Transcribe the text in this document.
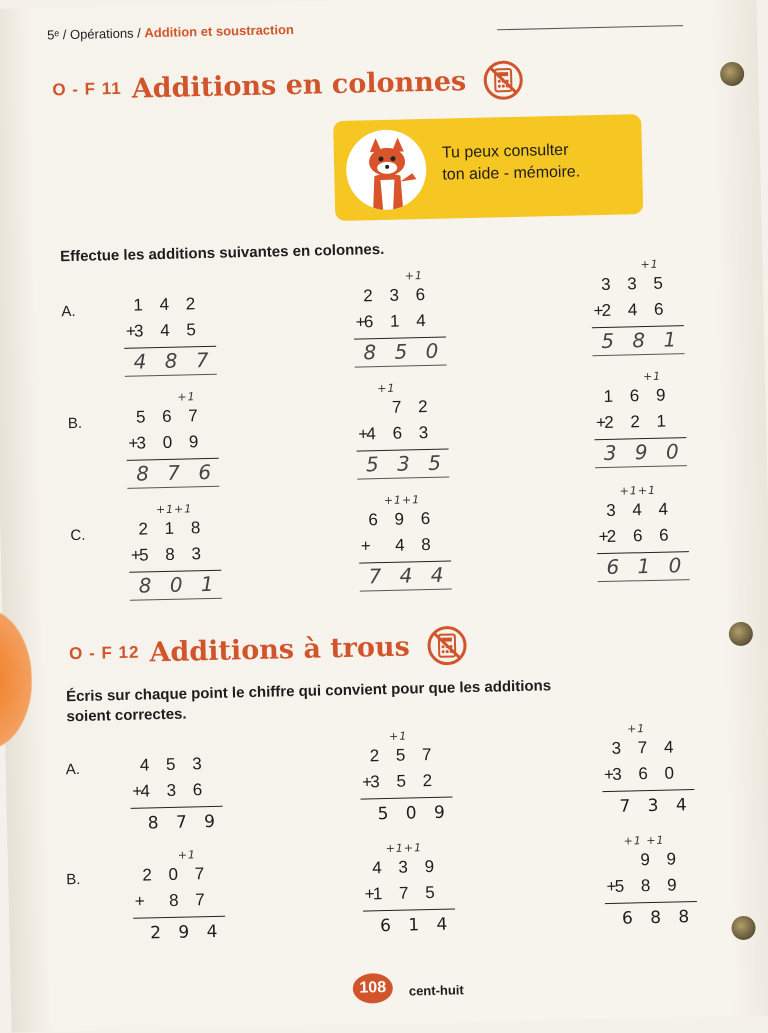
5ᵉ / Opérations / Addition et soustraction
O - F 11 Additions en colonnes
Tu peux consulter
ton aide - mémoire.
Effectue les additions suivantes en colonnes.
A.
B.
C.
1 4 2
+
3 4 5
4 8 7
+1
2 3 6
+
6 1 4
8 5 0
+1
3 3 5
+
2 4 6
5 8 1
+1
5 6 7
+
3 0 9
8 7 6
+1
7 2
+
4 6 3
5 3 5
+1
1 6 9
+
2 2 1
3 9 0
+1+1
2 1 8
+
5 8 3
8 0 1
+1+1
6 9 6
+ 4 8
7 4 4
+1+1
3 4 4
+
2 6 6
6 1 0
O - F 12 Additions à trous
Écris sur chaque point le chiffre qui convient pour que les additions
soient correctes.
A.
B.
4 5 3
+
4 3 6
8 7 9
+1
2 5 7
+
3 5 2
5 0 9
+1
3 7 4
+
3 6 0
7 3 4
+1
2 0 7
+ 8 7
2 9 4
+1+1
4 3 9
+
1 7 5
6 1 4
+1 +1
9 9
+
5 8 9
6 8 8
108	cent-huit
